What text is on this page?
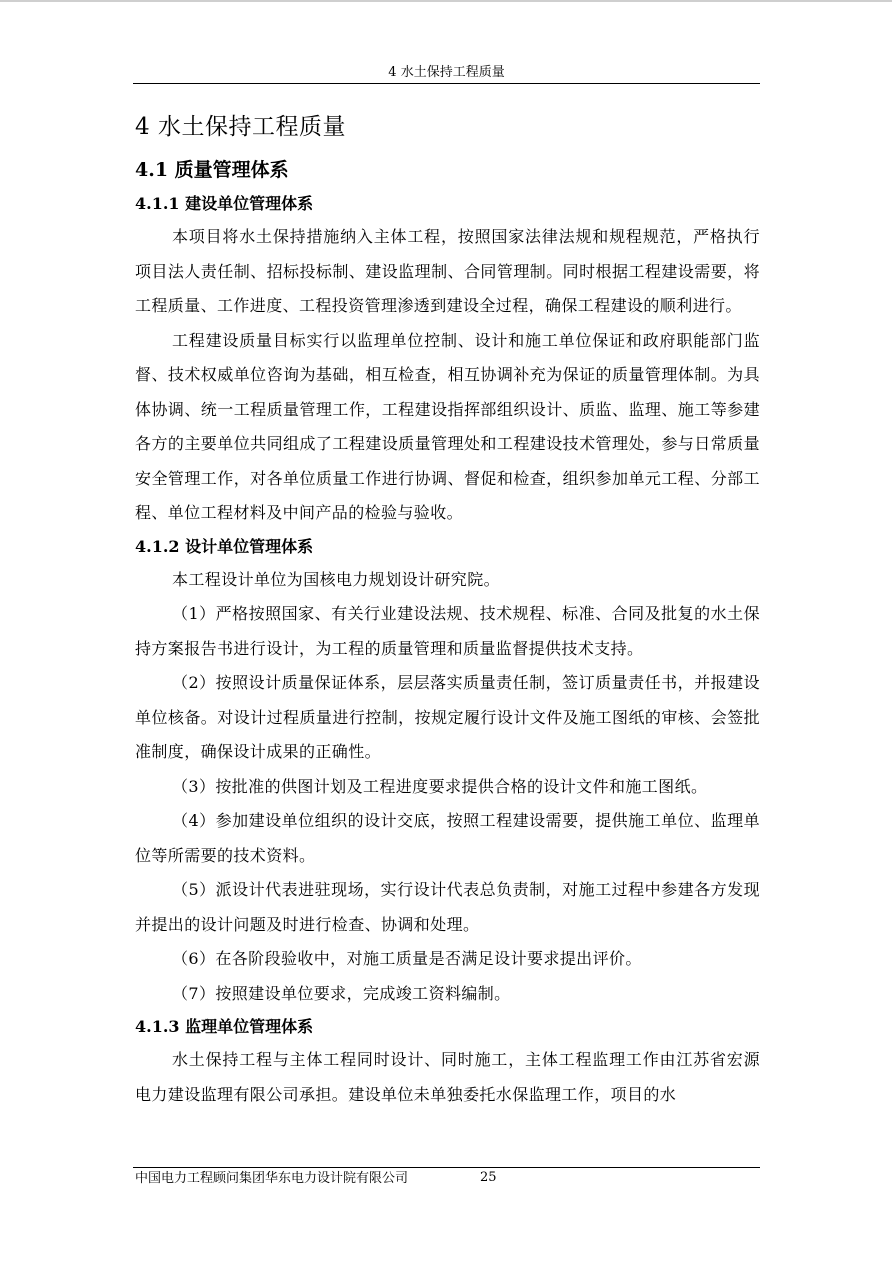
4 水土保持工程质量
4 水土保持工程质量
4.1 质量管理体系
4.1.1 建设单位管理体系

本项目将水土保持措施纳入主体工程，按照国家法律法规和规程规范，严格执行项目法人责任制、招标投标制、建设监理制、合同管理制。同时根据工程建设需要，将工程质量、工作进度、工程投资管理渗透到建设全过程，确保工程建设的顺利进行。

工程建设质量目标实行以监理单位控制、设计和施工单位保证和政府职能部门监督、技术权威单位咨询为基础，相互检查，相互协调补充为保证的质量管理体制。为具体协调、统一工程质量管理工作，工程建设指挥部组织设计、质监、监理、施工等参建各方的主要单位共同组成了工程建设质量管理处和工程建设技术管理处，参与日常质量安全管理工作，对各单位质量工作进行协调、督促和检查，组织参加单元工程、分部工程、单位工程材料及中间产品的检验与验收。

4.1.2 设计单位管理体系

本工程设计单位为国核电力规划设计研究院。

（1）严格按照国家、有关行业建设法规、技术规程、标准、合同及批复的水土保持方案报告书进行设计，为工程的质量管理和质量监督提供技术支持。

（2）按照设计质量保证体系，层层落实质量责任制，签订质量责任书，并报建设单位核备。对设计过程质量进行控制，按规定履行设计文件及施工图纸的审核、会签批准制度，确保设计成果的正确性。

（3）按批准的供图计划及工程进度要求提供合格的设计文件和施工图纸。

（4）参加建设单位组织的设计交底，按照工程建设需要，提供施工单位、监理单位等所需要的技术资料。

（5）派设计代表进驻现场，实行设计代表总负责制，对施工过程中参建各方发现并提出的设计问题及时进行检查、协调和处理。

（6）在各阶段验收中，对施工质量是否满足设计要求提出评价。

（7）按照建设单位要求，完成竣工资料编制。

4.1.3 监理单位管理体系

水土保持工程与主体工程同时设计、同时施工，主体工程监理工作由江苏省宏源电力建设监理有限公司承担。建设单位未单独委托水保监理工作，项目的水

中国电力工程顾问集团华东电力设计院有限公司	25
